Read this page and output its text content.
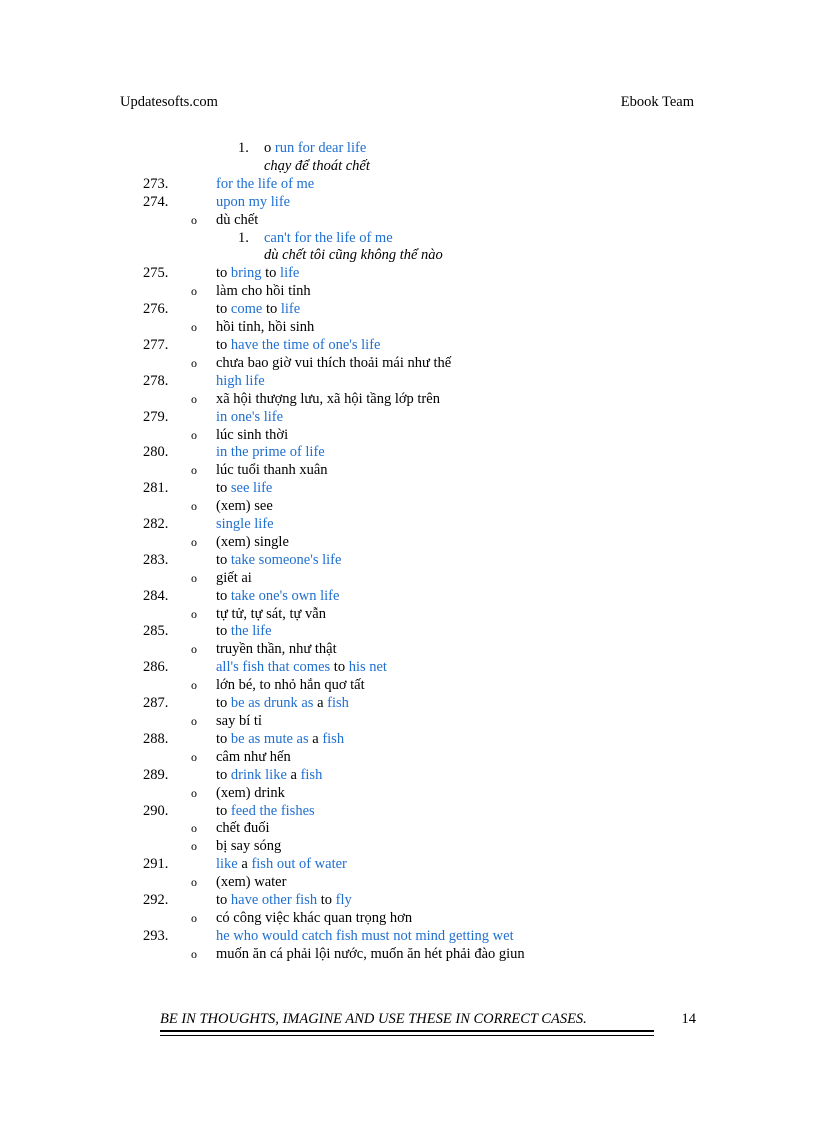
Updatesofts.com	Ebook Team
1. o run for dear life
chạy để thoát chết
273.	for the life of me
274.	upon my life
o dù chết
1. can't for the life of me
dù chết tôi cũng không thể nào
275.	to bring to life
o làm cho hồi tỉnh
276.	to come to life
o hồi tỉnh, hồi sinh
277.	to have the time of one's life
o chưa bao giờ vui thích thoải mái như thế
278.	high life
o xã hội thượng lưu, xã hội tầng lớp trên
279.	in one's life
o lúc sinh thời
280.	in the prime of life
o lúc tuổi thanh xuân
281.	to see life
o (xem) see
282.	single life
o (xem) single
283.	to take someone's life
o giết ai
284.	to take one's own life
o tự tử, tự sát, tự vẫn
285.	to the life
o truyền thần, như thật
286.	all's fish that comes to his net
o lớn bé, to nhỏ hắn quơ tất
287.	to be as drunk as a fish
o say bí tỉ
288.	to be as mute as a fish
o câm như hến
289.	to drink like a fish
o (xem) drink
290.	to feed the fishes
o chết đuối
o bị say sóng
291.	like a fish out of water
o (xem) water
292.	to have other fish to fly
o có công việc khác quan trọng hơn
293.	he who would catch fish must not mind getting wet
o muốn ăn cá phải lội nước, muốn ăn hét phải đào giun
BE IN THOUGHTS, IMAGINE AND USE THESE IN CORRECT CASES.	14
